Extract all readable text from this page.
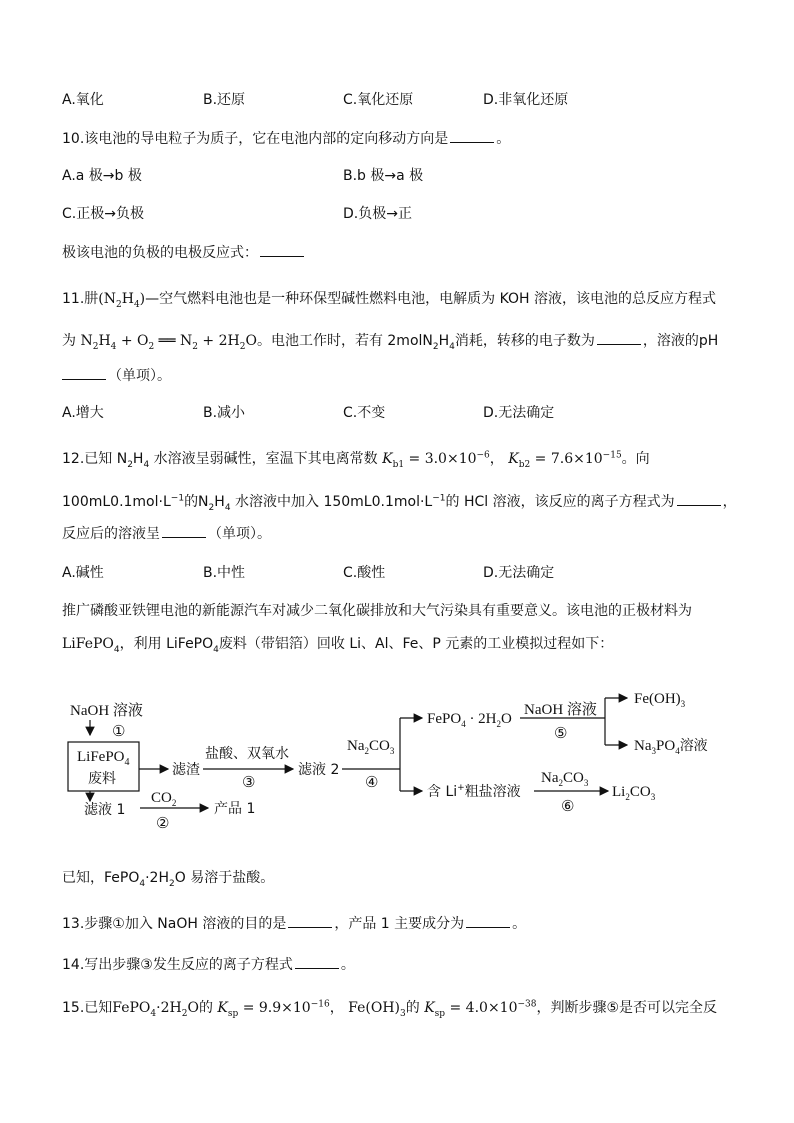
A.氧化	B.还原	C.氧化还原	D.非氧化还原
10.该电池的导电粒子为质子，它在电池内部的定向移动方向是	。
A.a 极→b 极	B.b 极→a 极
C.正极→负极	D.负极→正
极该电池的负极的电极反应式：
11.肼$(N_2H_4)—$空气燃料电池也是一种环保型碱性燃料电池，电解质为 KOH 溶液，该电池的总反应方程式
为 $N_2H_4 + O_2$ ══ $N_2 + 2H_2O$。电池工作时，若有 $2molN_2H_4$消耗，转移的电子数为	，溶液的pH
（单项）。
A.增大	B.减小	C.不变	D.无法确定
12.已知 $N_2H_4$ 水溶液呈弱碱性，室温下其电离常数 $K_{b1} = 3.0\times 10^{-6}$， $K_{b2} = 7.6\times 10^{-15}$。向
$100mL0.1mol\cdot L^{-1}$的$N_2H_4$ 水溶液中加入 $150mL0.1mol\cdot L^{-1}$的 HCl 溶液，该反应的离子方程式为	，
反应后的溶液呈	（单项）。
A.碱性	B.中性	C.酸性	D.无法确定
推广磷酸亚铁锂电池的新能源汽车对减少二氧化碳排放和大气污染具有重要意义。该电池的正极材料为
LiFePO$_4$，利用 LiFePO$_4$废料（带铝箔）回收 Li、Al、Fe、P 元素的工业模拟过程如下：
NaOH 溶液
①
LiFePO$_4$
废料
滤渣
盐酸、双氧水
③
滤液 2
$Na_2CO_3$
④
FePO$_4$ · $2H_2O$
NaOH 溶液
⑤
$Fe(OH)_3$
$Na_3PO_4$溶液
含 Li+粗盐溶液
$Na_2CO_3$
⑥
$Li_2CO_3$
滤液 1
$CO_2$
②
产品 1
已知，$FePO_4\cdot 2H_2O$ 易溶于盐酸。
13.步骤①加入 NaOH 溶液的目的是	，产品 1 主要成分为	。
14.写出步骤③发生反应的离子方程式	。
15.已知$FePO_4\cdot 2H_2O$的 $K_{sp} = 9.9\times 10^{-16}$， $Fe(OH)_3$的 $K_{sp} = 4.0\times 10^{-38}$，判断步骤⑤是否可以完全反
